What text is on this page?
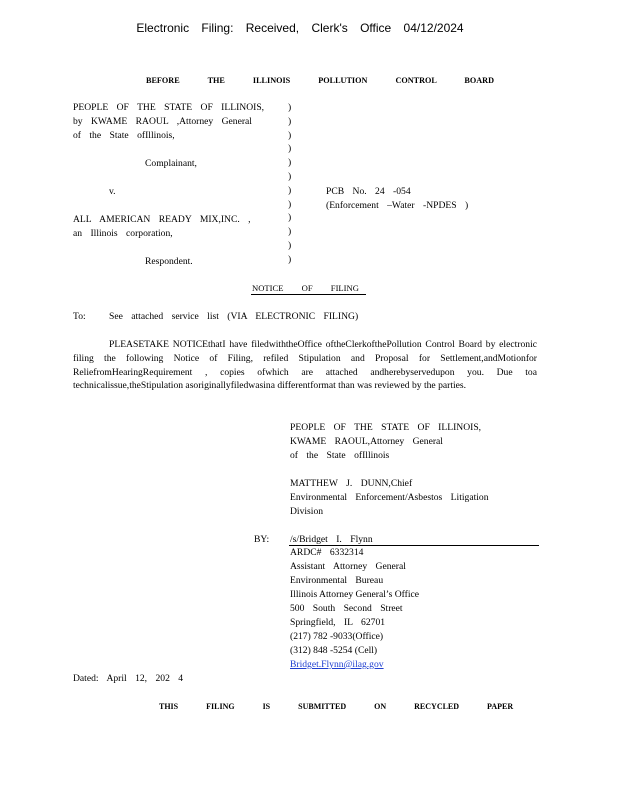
Electronic Filing: Received, Clerk's Office 04/12/2024
BEFORE THE ILLINOIS POLLUTION CONTROL BOARD
PEOPLE OF THE STATE OF ILLINOIS,
by KWAME RAOUL ,Attorney General
of the State ofIllinois,
Complainant,
v.
ALL AMERICAN READY MIX,INC. ,
an Illinois corporation,
Respondent.
)
)
)
)
)
)
)
)
)
)
)
)
PCB No. 24 -054
(Enforcement –Water -NPDES )
NOTICE OF FILING
To: See attached service list (VIA ELECTRONIC FILING)
PLEASETAKE NOTICEthatI have filedwiththeOffice oftheClerkofthePollution Control Board by electronic filing the following Notice of Filing, refiled Stipulation and Proposal for Settlement,andMotionfor ReliefromHearingRequirement , copies ofwhich are attached andherebyservedupon you. Due toa technicalissue,theStipulation asoriginallyfiledwasina differentformat than was reviewed by the parties.
PEOPLE OF THE STATE OF ILLINOIS,
KWAME RAOUL,Attorney General
of the State ofIllinois
MATTHEW J. DUNN,Chief
Environmental Enforcement/Asbestos Litigation
Division
BY: /s/Bridget I. Flynn
ARDC# 6332314
Assistant Attorney General
Environmental Bureau
Illinois Attorney General’s Office
500 South Second Street
Springfield, IL 62701
(217) 782 -9033(Office)
(312) 848 -5254 (Cell)
Bridget.Flynn@ilag.gov
Dated: April 12, 202 4
THIS FILING IS SUBMITTED ON RECYCLED PAPER
